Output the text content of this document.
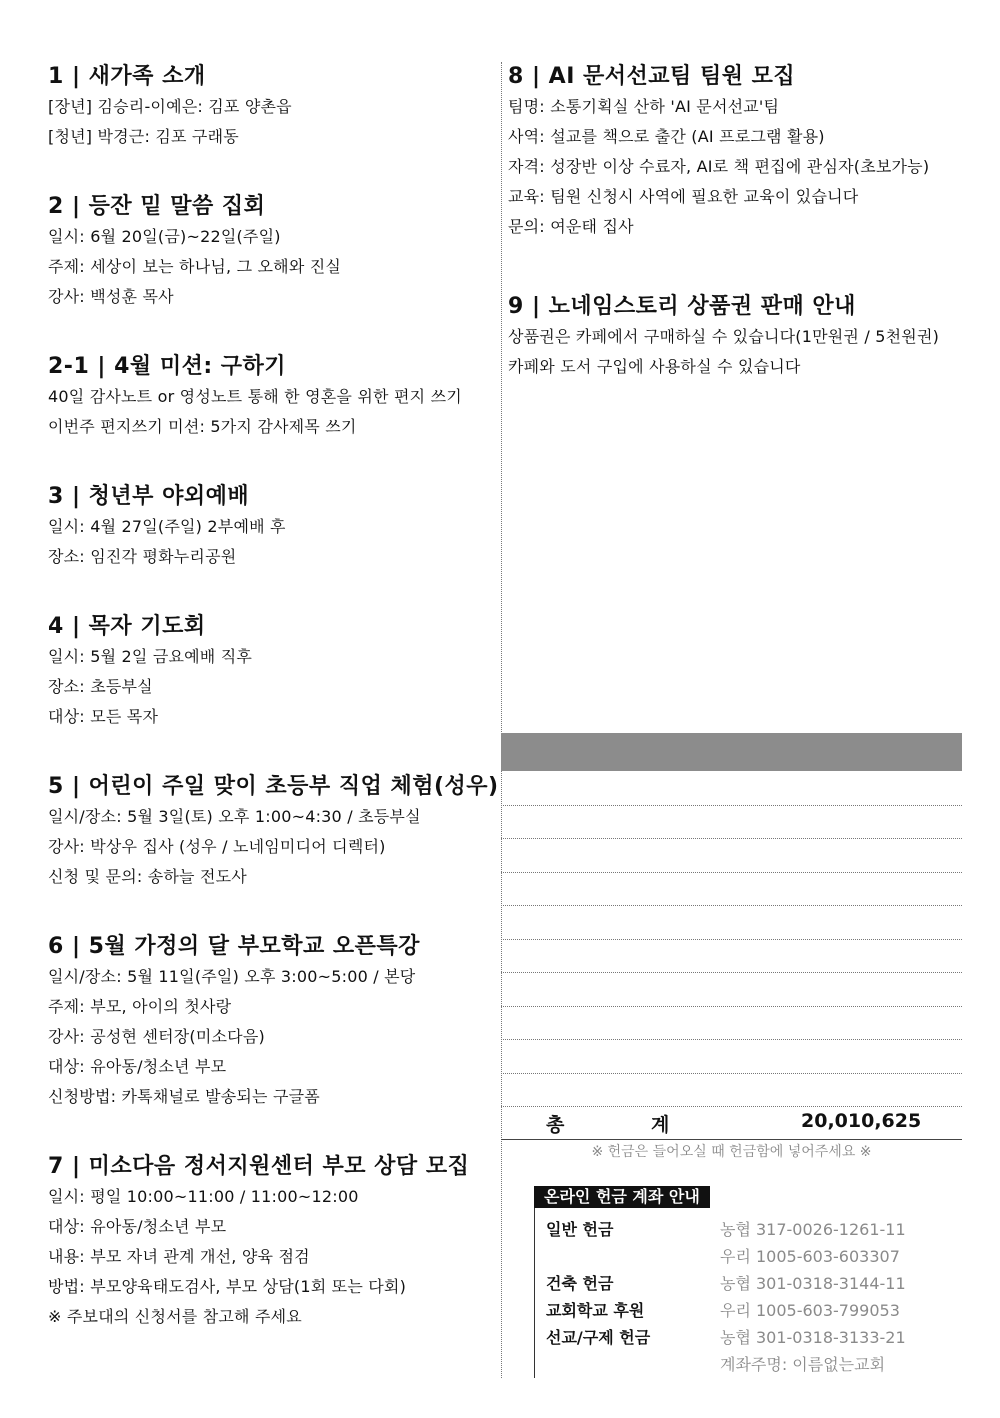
1 | 새가족 소개
[장년] 김승리-이예은: 김포 양촌읍
[청년] 박경근: 김포 구래동
2 | 등잔 밑 말씀 집회
일시: 6월 20일(금)~22일(주일)
주제: 세상이 보는 하나님, 그 오해와 진실
강사: 백성훈 목사
2-1 | 4월 미션: 구하기
40일 감사노트 or 영성노트 통해 한 영혼을 위한 편지 쓰기
이번주 편지쓰기 미션: 5가지 감사제목 쓰기
3 | 청년부 야외예배
일시: 4월 27일(주일) 2부예배 후
장소: 임진각 평화누리공원
4 | 목자 기도회
일시: 5월 2일 금요예배 직후
장소: 초등부실
대상: 모든 목자
5 | 어린이 주일 맞이 초등부 직업 체험(성우)
일시/장소: 5월 3일(토) 오후 1:00~4:30 / 초등부실
강사: 박상우 집사 (성우 / 노네임미디어 디렉터)
신청 및 문의: 송하늘 전도사
6 | 5월 가정의 달 부모학교 오픈특강
일시/장소: 5월 11일(주일) 오후 3:00~5:00 / 본당
주제: 부모, 아이의 첫사랑
강사: 공성현 센터장(미소다음)
대상: 유아동/청소년 부모
신청방법: 카톡채널로 발송되는 구글폼
7 | 미소다음 정서지원센터 부모 상담 모집
일시: 평일 10:00~11:00 / 11:00~12:00
대상: 유아동/청소년 부모
내용: 부모 자녀 관계 개선, 양육 점검
방법: 부모양육태도검사, 부모 상담(1회 또는 다회)
※ 주보대의 신청서를 참고해 주세요
8 | AI 문서선교팀 팀원 모집
팀명: 소통기획실 산하 'AI 문서선교'팀
사역: 설교를 책으로 출간 (AI 프로그램 활용)
자격: 성장반 이상 수료자, AI로 책 편집에 관심자(초보가능)
교육: 팀원 신청시 사역에 필요한 교육이 있습니다
문의: 여운태 집사
9 | 노네임스토리 상품권 판매 안내
상품권은 카페에서 구매하실 수 있습니다(1만원권 / 5천원권)
카페와 도서 구입에 사용하실 수 있습니다
총	계	20,010,625
※ 헌금은 들어오실 때 헌금함에 넣어주세요 ※
온라인 헌금 계좌 안내
일반 헌금	농협 317-0026-1261-11
우리 1005-603-603307
건축 헌금	농협 301-0318-3144-11
교회학교 후원	우리 1005-603-799053
선교/구제 헌금	농협 301-0318-3133-21
계좌주명: 이름없는교회
